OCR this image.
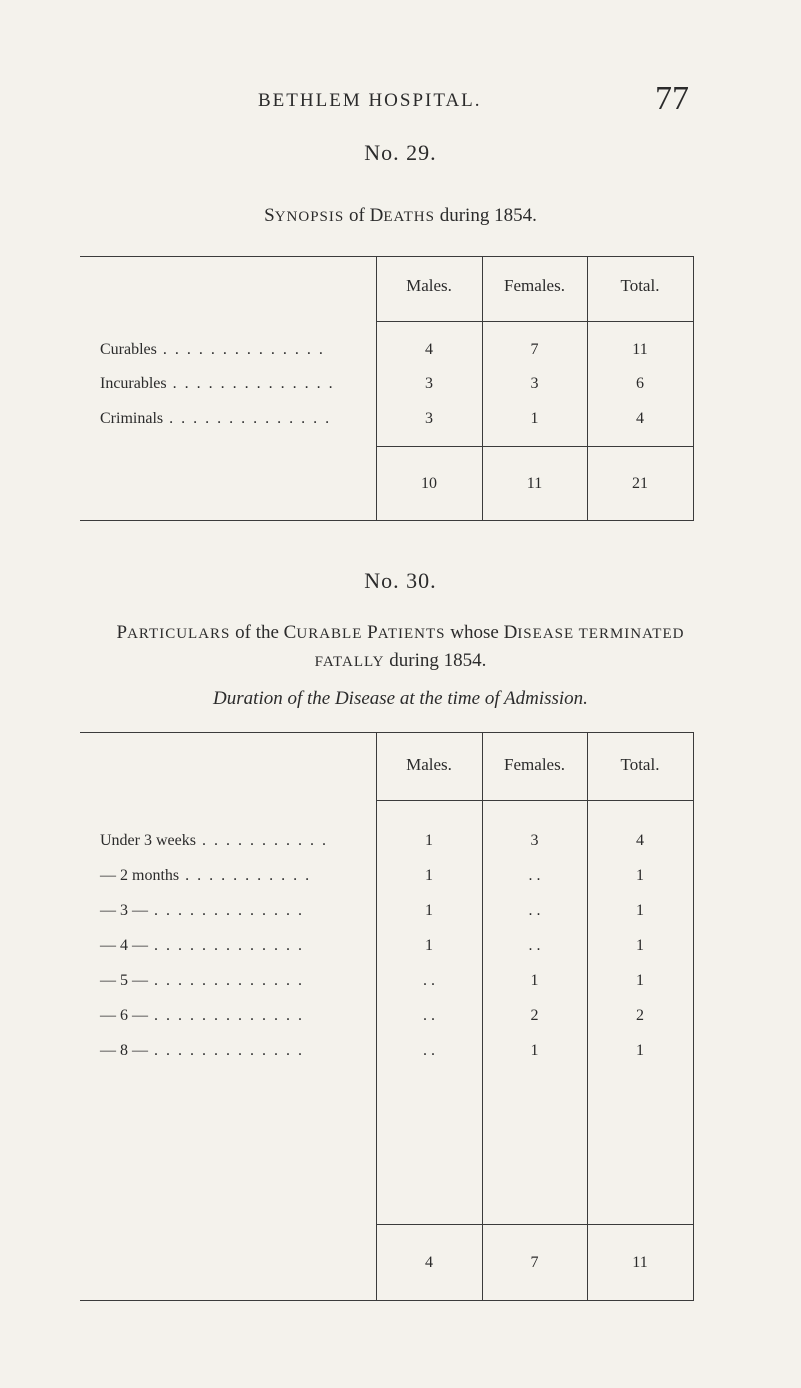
BETHLEM HOSPITAL.	77
No. 29.
SYNOPSIS of DEATHS during 1854.
Males.	Females.	Total.
Curables . . . . . . . . . . . . . .	4	7	11
Incurables . . . . . . . . . . . . . .	3	3	6
Criminals . . . . . . . . . . . . . .	3	1	4
10	11	21
No. 30.
PARTICULARS of the CURABLE PATIENTS whose DISEASE TERMINATED
FATALLY during 1854.
Duration of the Disease at the time of Admission.
Males.	Females.	Total.
Under 3 weeks . . . . . . . . . . .	1	3	4
— 2 months . . . . . . . . . . .	1	. .	1
— 3 — . . . . . . . . . . . . .	1	. .	1
— 4 — . . . . . . . . . . . . .	1	. .	1
— 5 — . . . . . . . . . . . . .	. .	1	1
— 6 — . . . . . . . . . . . . .	. .	2	2
— 8 — . . . . . . . . . . . . .	. .	1	1
4	7	11
